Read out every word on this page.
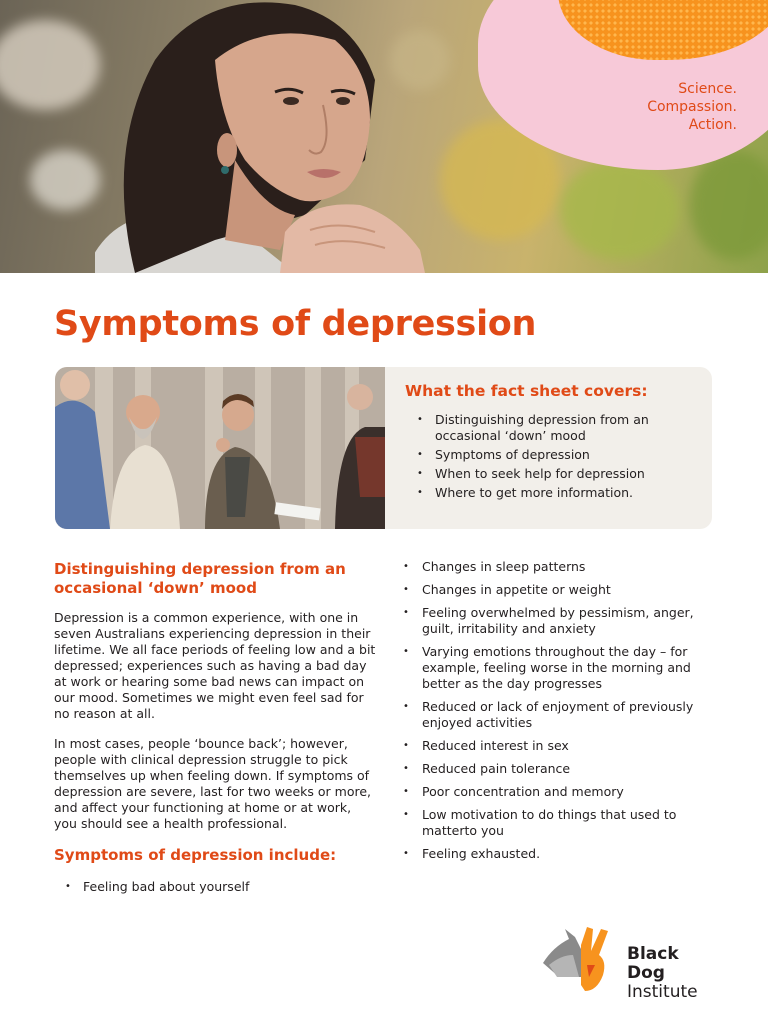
Science.
Compassion.
Action.
Symptoms of depression
What the fact sheet covers:
• Distinguishing depression from an occasional ‘down’ mood
• Symptoms of depression
• When to seek help for depression
• Where to get more information.
Distinguishing depression from an occasional ‘down’ mood

Depression is a common experience, with one in seven Australians experiencing depression in their lifetime. We all face periods of feeling low and a bit depressed; experiences such as having a bad day at work or hearing some bad news can impact on our mood. Sometimes we might even feel sad for no reason at all.

In most cases, people ‘bounce back’; however, people with clinical depression struggle to pick themselves up when feeling down. If symptoms of depression are severe, last for two weeks or more, and affect your functioning at home or at work, you should see a health professional.

Symptoms of depression include:
• Feeling bad about yourself
• Changes in sleep patterns
• Changes in appetite or weight
• Feeling overwhelmed by pessimism, anger, guilt, irritability and anxiety
• Varying emotions throughout the day – for example, feeling worse in the morning and better as the day progresses
• Reduced or lack of enjoyment of previously enjoyed activities
• Reduced interest in sex
• Reduced pain tolerance
• Poor concentration and memory
• Low motivation to do things that used to matterto you
• Feeling exhausted.
Black Dog
Institute
